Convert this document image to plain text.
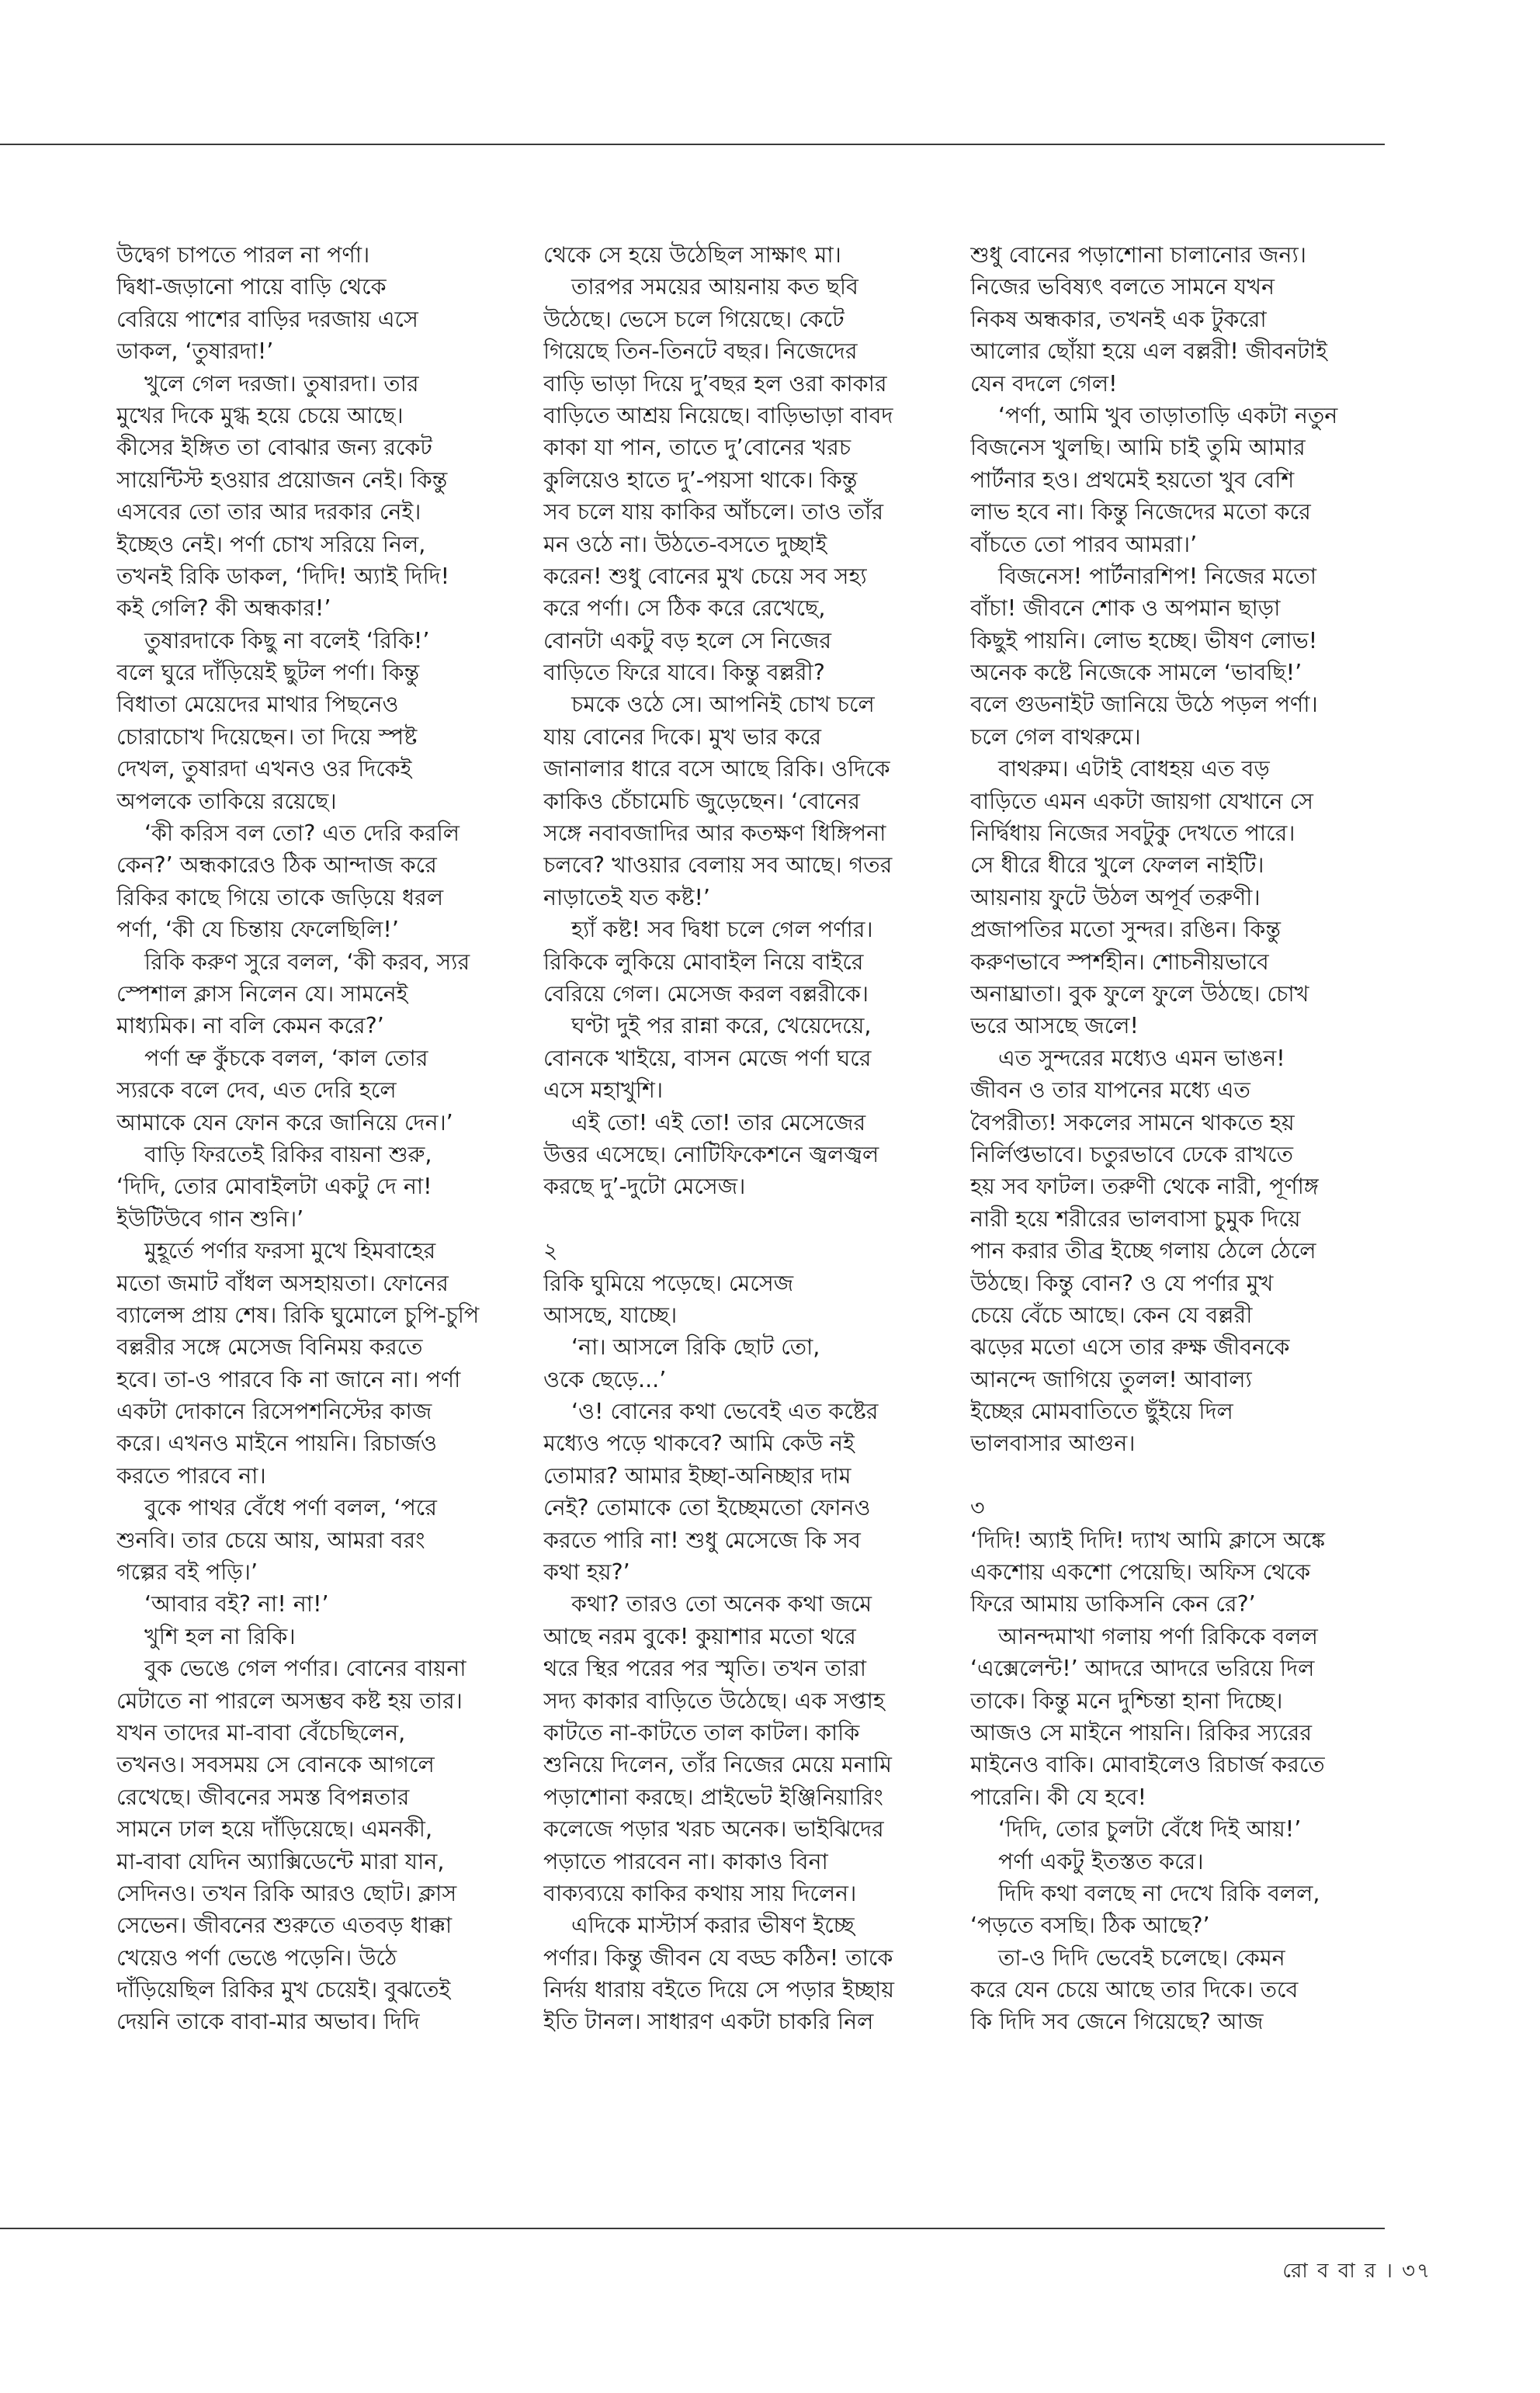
উদ্বেগ চাপতে পারল না পর্ণা।
দ্বিধা-জড়ানো পায়ে বাড়ি থেকে
বেরিয়ে পাশের বাড়ির দরজায় এসে
ডাকল, ‘তুষারদা!’
খুলে গেল দরজা। তুষারদা। তার
মুখের দিকে মুগ্ধ হয়ে চেয়ে আছে।
কীসের ইঙ্গিত তা বোঝার জন্য রকেট
সায়েন্টিস্ট হওয়ার প্রয়োজন নেই। কিন্তু
এসবের তো তার আর দরকার নেই।
ইচ্ছেও নেই। পর্ণা চোখ সরিয়ে নিল,
তখনই রিকি ডাকল, ‘দিদি! অ্যাই দিদি!
কই গেলি? কী অন্ধকার!’
তুষারদাকে কিছু না বলেই ‘রিকি!’
বলে ঘুরে দাঁড়িয়েই ছুটল পর্ণা। কিন্তু
বিধাতা মেয়েদের মাথার পিছনেও
চোরাচোখ দিয়েছেন। তা দিয়ে স্পষ্ট
দেখল, তুষারদা এখনও ওর দিকেই
অপলকে তাকিয়ে রয়েছে।
‘কী করিস বল তো? এত দেরি করলি
কেন?’ অন্ধকারেও ঠিক আন্দাজ করে
রিকির কাছে গিয়ে তাকে জড়িয়ে ধরল
পর্ণা, ‘কী যে চিন্তায় ফেলেছিলি!’
রিকি করুণ সুরে বলল, ‘কী করব, স্যর
স্পেশাল ক্লাস নিলেন যে। সামনেই
মাধ্যমিক। না বলি কেমন করে?’
পর্ণা ভ্রু কুঁচকে বলল, ‘কাল তোর
স্যরকে বলে দেব, এত দেরি হলে
আমাকে যেন ফোন করে জানিয়ে দেন।’
বাড়ি ফিরতেই রিকির বায়না শুরু,
‘দিদি, তোর মোবাইলটা একটু দে না!
ইউটিউবে গান শুনি।’
মুহূর্তে পর্ণার ফরসা মুখে হিমবাহের
মতো জমাট বাঁধল অসহায়তা। ফোনের
ব্যালেন্স প্রায় শেষ। রিকি ঘুমোলে চুপি-চুপি
বল্লরীর সঙ্গে মেসেজ বিনিময় করতে
হবে। তা-ও পারবে কি না জানে না। পর্ণা
একটা দোকানে রিসেপশনিস্টের কাজ
করে। এখনও মাইনে পায়নি। রিচার্জও
করতে পারবে না।
বুকে পাথর বেঁধে পর্ণা বলল, ‘পরে
শুনবি। তার চেয়ে আয়, আমরা বরং
গল্পের বই পড়ি।’
‘আবার বই? না! না!’
খুশি হল না রিকি।
বুক ভেঙে গেল পর্ণার। বোনের বায়না
মেটাতে না পারলে অসম্ভব কষ্ট হয় তার।
যখন তাদের মা-বাবা বেঁচেছিলেন,
তখনও। সবসময় সে বোনকে আগলে
রেখেছে। জীবনের সমস্ত বিপন্নতার
সামনে ঢাল হয়ে দাঁড়িয়েছে। এমনকী,
মা-বাবা যেদিন অ্যাক্সিডেন্টে মারা যান,
সেদিনও। তখন রিকি আরও ছোট। ক্লাস
সেভেন। জীবনের শুরুতে এতবড় ধাক্কা
খেয়েও পর্ণা ভেঙে পড়েনি। উঠে
দাঁড়িয়েছিল রিকির মুখ চেয়েই। বুঝতেই
দেয়নি তাকে বাবা-মার অভাব। দিদি
থেকে সে হয়ে উঠেছিল সাক্ষাৎ মা।
তারপর সময়ের আয়নায় কত ছবি
উঠেছে। ভেসে চলে গিয়েছে। কেটে
গিয়েছে তিন-তিনটে বছর। নিজেদের
বাড়ি ভাড়া দিয়ে দু’বছর হল ওরা কাকার
বাড়িতে আশ্রয় নিয়েছে। বাড়িভাড়া বাবদ
কাকা যা পান, তাতে দু’বোনের খরচ
কুলিয়েও হাতে দু’-পয়সা থাকে। কিন্তু
সব চলে যায় কাকির আঁচলে। তাও তাঁর
মন ওঠে না। উঠতে-বসতে দুচ্ছাই
করেন! শুধু বোনের মুখ চেয়ে সব সহ্য
করে পর্ণা। সে ঠিক করে রেখেছে,
বোনটা একটু বড় হলে সে নিজের
বাড়িতে ফিরে যাবে। কিন্তু বল্লরী?
চমকে ওঠে সে। আপনিই চোখ চলে
যায় বোনের দিকে। মুখ ভার করে
জানালার ধারে বসে আছে রিকি। ওদিকে
কাকিও চেঁচামেচি জুড়েছেন। ‘বোনের
সঙ্গে নবাবজাদির আর কতক্ষণ ধিঙ্গিপনা
চলবে? খাওয়ার বেলায় সব আছে। গতর
নাড়াতেই যত কষ্ট!’
হ্যাঁ কষ্ট! সব দ্বিধা চলে গেল পর্ণার।
রিকিকে লুকিয়ে মোবাইল নিয়ে বাইরে
বেরিয়ে গেল। মেসেজ করল বল্লরীকে।
ঘণ্টা দুই পর রান্না করে, খেয়েদেয়ে,
বোনকে খাইয়ে, বাসন মেজে পর্ণা ঘরে
এসে মহাখুশি।
এই তো! এই তো! তার মেসেজের
উত্তর এসেছে। নোটিফিকেশনে জ্বলজ্বল
করছে দু’-দুটো মেসেজ।
২
রিকি ঘুমিয়ে পড়েছে। মেসেজ
আসছে, যাচ্ছে।
‘না। আসলে রিকি ছোট তো,
ওকে ছেড়ে...’
‘ও! বোনের কথা ভেবেই এত কষ্টের
মধ্যেও পড়ে থাকবে? আমি কেউ নই
তোমার? আমার ইচ্ছা-অনিচ্ছার দাম
নেই? তোমাকে তো ইচ্ছেমতো ফোনও
করতে পারি না! শুধু মেসেজে কি সব
কথা হয়?’
কথা? তারও তো অনেক কথা জমে
আছে নরম বুকে! কুয়াশার মতো থরে
থরে স্থির পরের পর স্মৃতি। তখন তারা
সদ্য কাকার বাড়িতে উঠেছে। এক সপ্তাহ
কাটতে না-কাটতে তাল কাটল। কাকি
শুনিয়ে দিলেন, তাঁর নিজের মেয়ে মনামি
পড়াশোনা করছে। প্রাইভেট ইঞ্জিনিয়ারিং
কলেজে পড়ার খরচ অনেক। ভাইঝিদের
পড়াতে পারবেন না। কাকাও বিনা
বাক্যব্যয়ে কাকির কথায় সায় দিলেন।
এদিকে মাস্টার্স করার ভীষণ ইচ্ছে
পর্ণার। কিন্তু জীবন যে বড্ড কঠিন! তাকে
নির্দয় ধারায় বইতে দিয়ে সে পড়ার ইচ্ছায়
ইতি টানল। সাধারণ একটা চাকরি নিল
শুধু বোনের পড়াশোনা চালানোর জন্য।
নিজের ভবিষ্যৎ বলতে সামনে যখন
নিকষ অন্ধকার, তখনই এক টুকরো
আলোর ছোঁয়া হয়ে এল বল্লরী! জীবনটাই
যেন বদলে গেল!
‘পর্ণা, আমি খুব তাড়াতাড়ি একটা নতুন
বিজনেস খুলছি। আমি চাই তুমি আমার
পার্টনার হও। প্রথমেই হয়তো খুব বেশি
লাভ হবে না। কিন্তু নিজেদের মতো করে
বাঁচতে তো পারব আমরা।’
বিজনেস! পার্টনারশিপ! নিজের মতো
বাঁচা! জীবনে শোক ও অপমান ছাড়া
কিছুই পায়নি। লোভ হচ্ছে। ভীষণ লোভ!
অনেক কষ্টে নিজেকে সামলে ‘ভাবছি!’
বলে গুডনাইট জানিয়ে উঠে পড়ল পর্ণা।
চলে গেল বাথরুমে।
বাথরুম। এটাই বোধহয় এত বড়
বাড়িতে এমন একটা জায়গা যেখানে সে
নির্দ্বিধায় নিজের সবটুকু দেখতে পারে।
সে ধীরে ধীরে খুলে ফেলল নাইটি।
আয়নায় ফুটে উঠল অপূর্ব তরুণী।
প্রজাপতির মতো সুন্দর। রঙিন। কিন্তু
করুণভাবে স্পর্শহীন। শোচনীয়ভাবে
অনাঘ্রাতা। বুক ফুলে ফুলে উঠছে। চোখ
ভরে আসছে জলে!
এত সুন্দরের মধ্যেও এমন ভাঙন!
জীবন ও তার যাপনের মধ্যে এত
বৈপরীত্য! সকলের সামনে থাকতে হয়
নির্লিপ্তভাবে। চতুরভাবে ঢেকে রাখতে
হয় সব ফাটল। তরুণী থেকে নারী, পূর্ণাঙ্গ
নারী হয়ে শরীরের ভালবাসা চুমুক দিয়ে
পান করার তীব্র ইচ্ছে গলায় ঠেলে ঠেলে
উঠছে। কিন্তু বোন? ও যে পর্ণার মুখ
চেয়ে বেঁচে আছে। কেন যে বল্লরী
ঝড়ের মতো এসে তার রুক্ষ জীবনকে
আনন্দে জাগিয়ে তুলল! আবাল্য
ইচ্ছের মোমবাতিতে ছুঁইয়ে দিল
ভালবাসার আগুন।
৩
‘দিদি! অ্যাই দিদি! দ্যাখ আমি ক্লাসে অঙ্কে
একশোয় একশো পেয়েছি। অফিস থেকে
ফিরে আমায় ডাকিসনি কেন রে?’
আনন্দমাখা গলায় পর্ণা রিকিকে বলল
‘এক্সেলেন্ট!’ আদরে আদরে ভরিয়ে দিল
তাকে। কিন্তু মনে দুশ্চিন্তা হানা দিচ্ছে।
আজও সে মাইনে পায়নি। রিকির স্যরের
মাইনেও বাকি। মোবাইলেও রিচার্জ করতে
পারেনি। কী যে হবে!
‘দিদি, তোর চুলটা বেঁধে দিই আয়!’
পর্ণা একটু ইতস্তত করে।
দিদি কথা বলছে না দেখে রিকি বলল,
‘পড়তে বসছি। ঠিক আছে?’
তা-ও দিদি ভেবেই চলেছে। কেমন
করে যেন চেয়ে আছে তার দিকে। তবে
কি দিদি সব জেনে গিয়েছে? আজ
রো ব বা র । ৩৭
